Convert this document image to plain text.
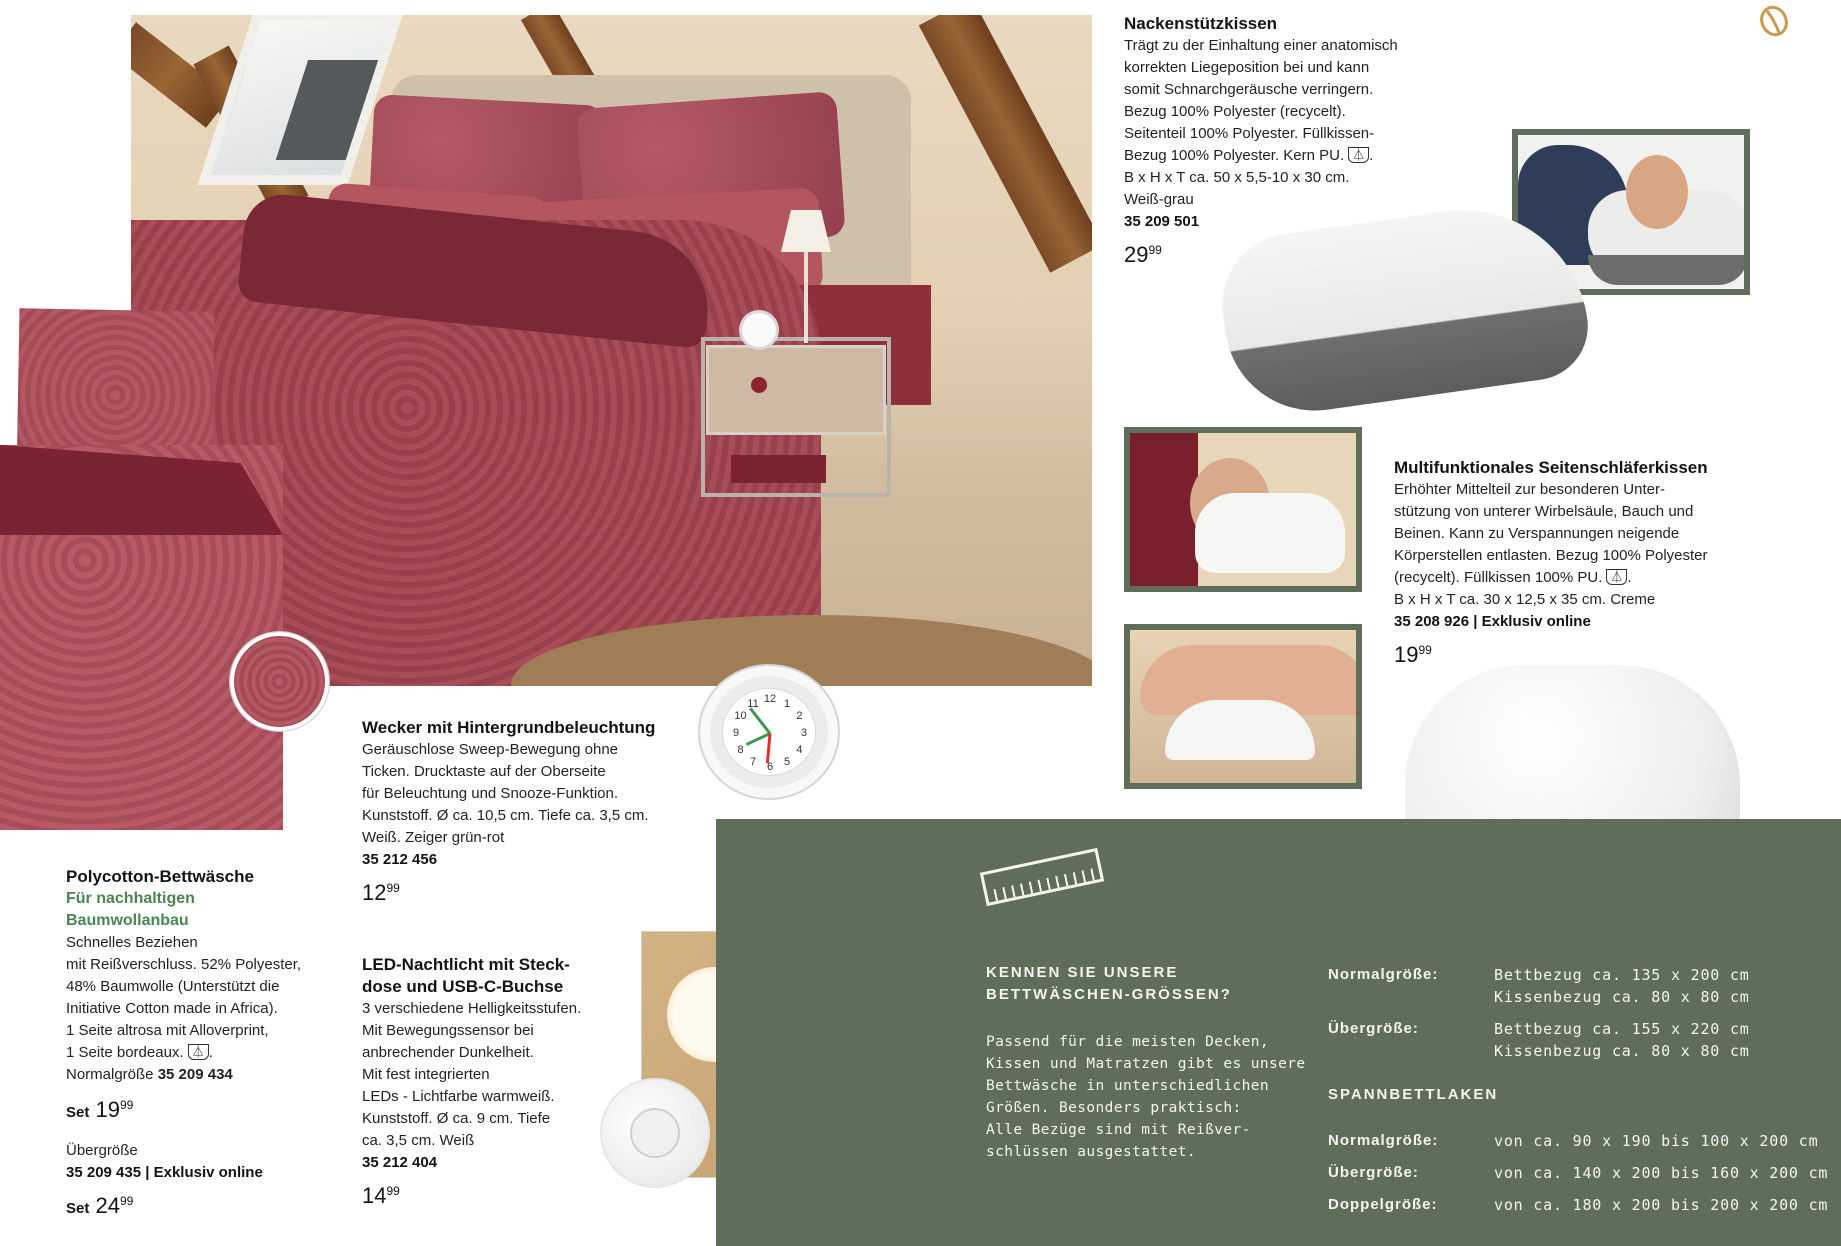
12 1
2
3
4
5
6
7
8
9
10
11
Nackenstützkissen
Trägt zu der Einhaltung einer anatomisch
korrekten Liegeposition bei und kann
somit Schnarchgeräusche verringern.
Bezug 100% Polyester (recycelt).
Seitenteil 100% Polyester. Füllkissen-
Bezug 100% Polyester. Kern PU. ⏄ .
B x H x T ca. 50 x 5,5-10 x 30 cm.
Weiß-grau
35 209 501
$29^{99}$
Multifunktionales Seitenschläferkissen
Erhöhter Mittelteil zur besonderen Unter-
stützung von unterer Wirbelsäule, Bauch und
Beinen. Kann zu Verspannungen neigende
Körperstellen entlasten. Bezug 100% Polyester
(recycelt). Füllkissen 100% PU. ⏄ .
B x H x T ca. 30 x 12,5 x 35 cm. Creme
35 208 926 | Exklusiv online
$19^{99}$
Wecker mit Hintergrundbeleuchtung
Geräuschlose Sweep-Bewegung ohne
Ticken. Drucktaste auf der Oberseite
für Beleuchtung und Snooze-Funktion.
Kunststoff. Ø ca. 10,5 cm. Tiefe ca. 3,5 cm.
Weiß. Zeiger grün-rot
35 212 456
$12^{99}$
LED-Nachtlicht mit Steck-
dose und USB-C-Buchse
3 verschiedene Helligkeitsstufen.
Mit Bewegungssensor bei
anbrechender Dunkelheit.
Mit fest integrierten
LEDs - Lichtfarbe warmweiß.
Kunststoff. Ø ca. 9 cm. Tiefe
ca. 3,5 cm. Weiß
35 212 404
$14^{99}$
Polycotton-Bettwäsche
Für nachhaltigen
Baumwollanbau
Schnelles Beziehen
mit Reißverschluss. 52% Polyester,
48% Baumwolle (Unterstützt die
Initiative Cotton made in Africa).
1 Seite altrosa mit Alloverprint,
1 Seite bordeaux. ⏄ .
Normalgröße 35 209 434
Set $19^{99}$
Übergröße
35 209 435 | Exklusiv online
Set $24^{99}$
KENNEN SIE UNSERE
BETTWÄSCHEN-GRÖSSEN?
Passend für die meisten Decken,
Kissen und Matratzen gibt es unsere
Bettwäsche in unterschiedlichen
Größen. Besonders praktisch:
Alle Bezüge sind mit Reißver-
schlüssen ausgestattet.
Normalgröße:	Bettbezug ca. 135 x 200 cm
Kissenbezug ca. 80 x 80 cm
Übergröße:	Bettbezug ca. 155 x 220 cm
Kissenbezug ca. 80 x 80 cm
SPANNBETTLAKEN
Normalgröße:	von ca. 90 x 190 bis 100 x 200 cm
Übergröße:	von ca. 140 x 200 bis 160 x 200 cm
Doppelgröße:	von ca. 180 x 200 bis 200 x 200 cm
